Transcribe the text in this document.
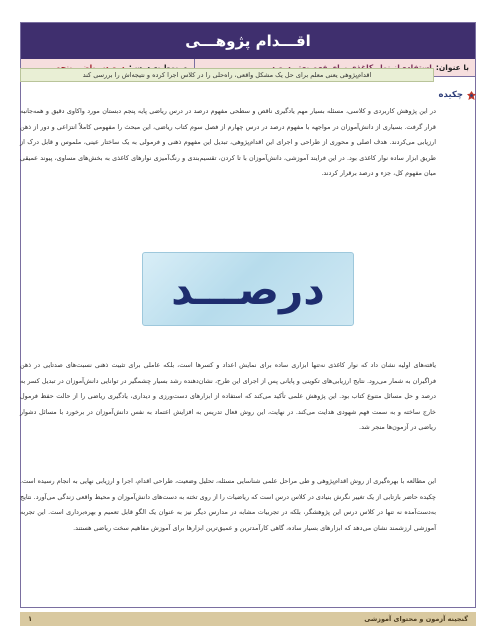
اقـــدام پژوهـــی
با عنوان:
اقدام‌پژوهی یعنی معلم برای حل یک مشکل واقعی، راه‌حلی را در کلاس اجرا کرده و نتیجه‌اش را بررسی کند
چکیده

در این پژوهش کاربردی و کلاسی، مسئله بسیار مهم یادگیری ناقص و سطحی مفهوم درصد در درس ریاضی پایه پنجم دبستان مورد واکاوی دقیق و همه‌جانبه قرار گرفت. بسیاری از دانش‌آموزان در مواجهه با مفهوم درصد در درس چهارم از فصل سوم کتاب ریاضی، این مبحث را مفهومی کاملاً انتزاعی و دور از ذهن ارزیابی می‌کردند. هدف اصلی و محوری از طراحی و اجرای این اقدام‌پژوهی، تبدیل این مفهوم ذهنی و فرمولی به یک ساختار عینی، ملموس و قابل درک از طریق ابزار ساده نوار کاغذی بود. در این فرایند آموزشی، دانش‌آموزان با تا کردن، تقسیم‌بندی و رنگ‌آمیزی نوارهای کاغذی به بخش‌های مساوی، پیوند عمیقی میان مفهوم کل، جزء و درصد برقرار کردند.

درصـــد

یافته‌های اولیه نشان داد که نوار کاغذی نه‌تنها ابزاری ساده برای نمایش اعداد و کسرها است، بلکه عاملی برای تثبیت ذهنی نسبت‌های صدتایی در ذهن فراگیران به شمار می‌رود. نتایج ارزیابی‌های تکوینی و پایانی پس از اجرای این طرح، نشان‌دهنده رشد بسیار چشمگیر در توانایی دانش‌آموزان در تبدیل کسر به درصد و حل مسائل متنوع کتاب بود. این پژوهش علمی تأکید می‌کند که استفاده از ابزارهای دست‌ورزی و دیداری، یادگیری ریاضی را از حالت حفظ فرمول خارج ساخته و به سمت فهم شهودی هدایت می‌کند. در نهایت، این روش فعال تدریس به افزایش اعتماد به نفس دانش‌آموزان در برخورد با مسائل دشوار ریاضی در آزمون‌ها منجر شد.

این مطالعه با بهره‌گیری از روش اقدام‌پژوهی و طی مراحل علمی شناسایی مسئله، تحلیل وضعیت، طراحی اقدام، اجرا و ارزیابی نهایی به انجام رسیده است. چکیده حاضر بازتابی از یک تغییر نگرش بنیادی در کلاس درس است که ریاضیات را از روی تخته به دست‌های دانش‌آموزان و محیط واقعی زندگی می‌آورد. نتایج به‌دست‌آمده نه تنها در کلاس درس این پژوهشگر، بلکه در تجربیات مشابه در مدارس دیگر نیز به عنوان یک الگو قابل تعمیم و بهره‌برداری است. این تجربه آموزشی ارزشمند نشان می‌دهد که ابزارهای بسیار ساده، گاهی کارآمدترین و عمیق‌ترین ابزارها برای آموزش مفاهیم سخت ریاضی هستند.

گنجینه آزمون و محتوای آموزشی
۱
